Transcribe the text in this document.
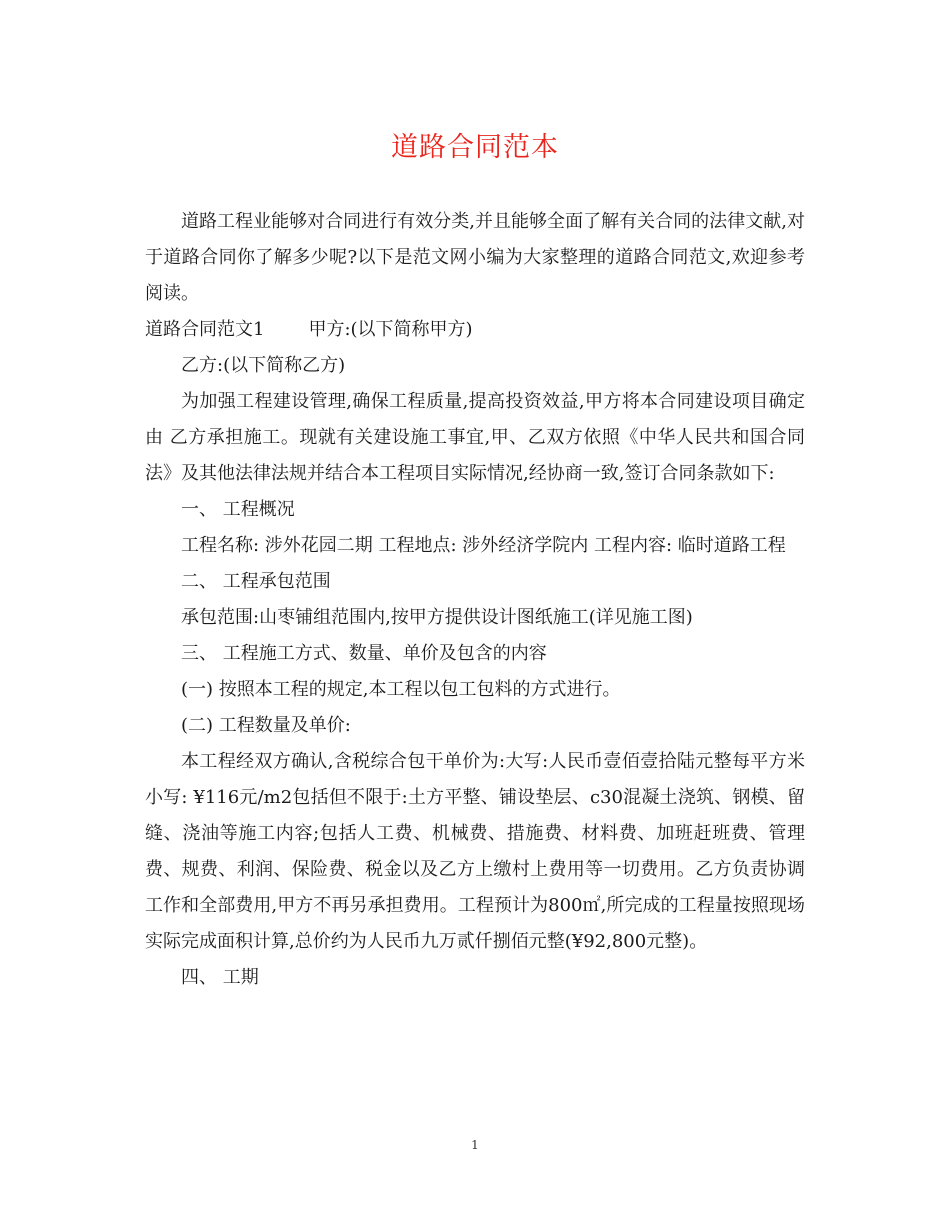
道路合同范本

道路工程业能够对合同进行有效分类,并且能够全面了解有关合同的法律文献,对于道路合同你了解多少呢?以下是范文网小编为大家整理的道路合同范文,欢迎参考阅读。

道路合同范文1 甲方:(以下简称甲方)

乙方:(以下简称乙方)

为加强工程建设管理,确保工程质量,提高投资效益,甲方将本合同建设项目确定由 乙方承担施工。现就有关建设施工事宜,甲、乙双方依照《中华人民共和国合同法》及其他法律法规并结合本工程项目实际情况,经协商一致,签订合同条款如下:

一、 工程概况

工程名称: 涉外花园二期 工程地点: 涉外经济学院内 工程内容: 临时道路工程

二、 工程承包范围

承包范围:山枣铺组范围内,按甲方提供设计图纸施工(详见施工图)

三、 工程施工方式、数量、单价及包含的内容

(一) 按照本工程的规定,本工程以包工包料的方式进行。

(二) 工程数量及单价:

本工程经双方确认,含税综合包干单价为:大写:人民币壹佰壹拾陆元整每平方米 小写: ¥116元/m2包括但不限于:土方平整、铺设垫层、c30混凝土浇筑、钢模、留缝、浇油等施工内容;包括人工费、机械费、措施费、材料费、加班赶班费、管理费、规费、利润、保险费、税金以及乙方上缴村上费用等一切费用。乙方负责协调工作和全部费用,甲方不再另承担费用。工程预计为800㎡,所完成的工程量按照现场实际完成面积计算,总价约为人民币九万贰仟捌佰元整(¥92,800元整)。

四、 工期

1
